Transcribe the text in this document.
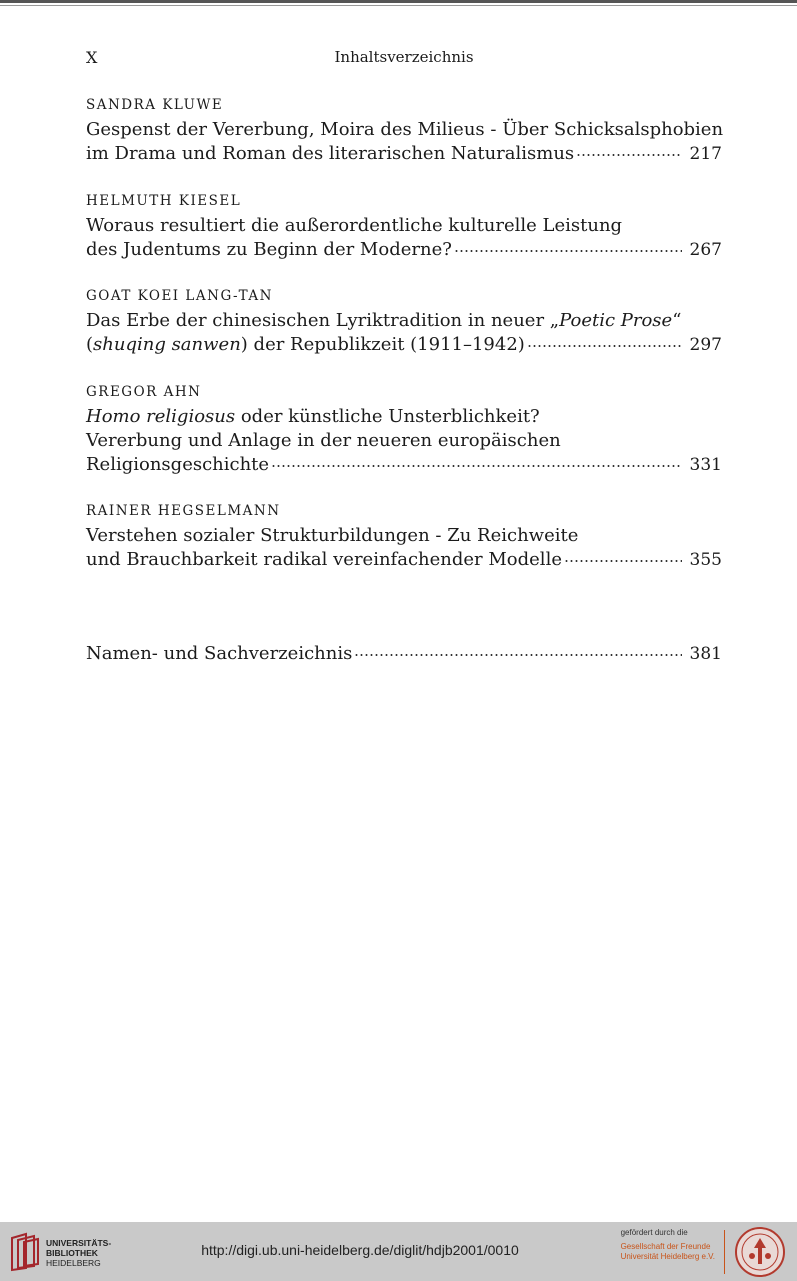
X	Inhaltsverzeichnis
SANDRA KLUWE
Gespenst der Vererbung, Moira des Milieus - Über Schicksalsphobien
im Drama und Roman des literarischen Naturalismus	217
HELMUTH KIESEL
Woraus resultiert die außerordentliche kulturelle Leistung
des Judentums zu Beginn der Moderne?	267
GOAT KOEI LANG-TAN
Das Erbe der chinesischen Lyriktradition in neuer „Poetic Prose“
(shuqing sanwen) der Republikzeit (1911–1942)	297
GREGOR AHN
Homo religiosus oder künstliche Unsterblichkeit?
Vererbung und Anlage in der neueren europäischen
Religionsgeschichte	331
RAINER HEGSELMANN
Verstehen sozialer Strukturbildungen - Zu Reichweite
und Brauchbarkeit radikal vereinfachender Modelle	355
Namen- und Sachverzeichnis	381
UNIVERSITÄTS-
BIBLIOTHEK
HEIDELBERG
http://digi.ub.uni-heidelberg.de/diglit/hdjb2001/0010
gefördert durch die
Gesellschaft der Freunde
Universität Heidelberg e.V.
